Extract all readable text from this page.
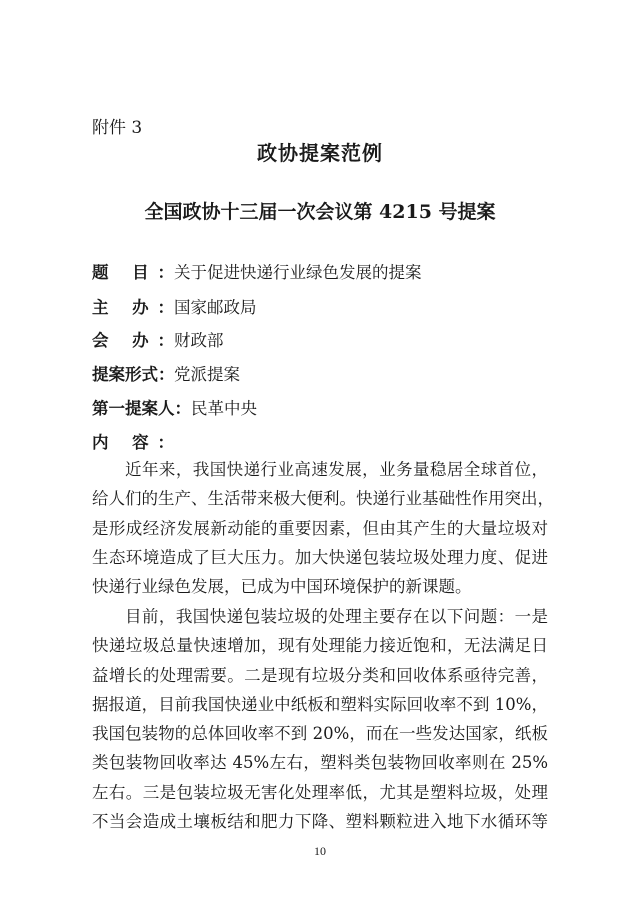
附件 3
政协提案范例
全国政协十三届一次会议第 4215 号提案
题 目：关于促进快递行业绿色发展的提案
主 办：国家邮政局
会 办：财政部
提案形式：党派提案
第一提案人：民革中央
内 容：
近年来，我国快递行业高速发展，业务量稳居全球首位，
给人们的生产、生活带来极大便利。快递行业基础性作用突出，
是形成经济发展新动能的重要因素，但由其产生的大量垃圾对
生态环境造成了巨大压力。加大快递包装垃圾处理力度、促进
快递行业绿色发展，已成为中国环境保护的新课题。
目前，我国快递包装垃圾的处理主要存在以下问题：一是
快递垃圾总量快速增加，现有处理能力接近饱和，无法满足日
益增长的处理需要。二是现有垃圾分类和回收体系亟待完善，
据报道，目前我国快递业中纸板和塑料实际回收率不到 10%，
我国包装物的总体回收率不到 20%，而在一些发达国家，纸板
类包装物回收率达 45%左右，塑料类包装物回收率则在 25%
左右。三是包装垃圾无害化处理率低，尤其是塑料垃圾，处理
不当会造成土壤板结和肥力下降、塑料颗粒进入地下水循环等
10
